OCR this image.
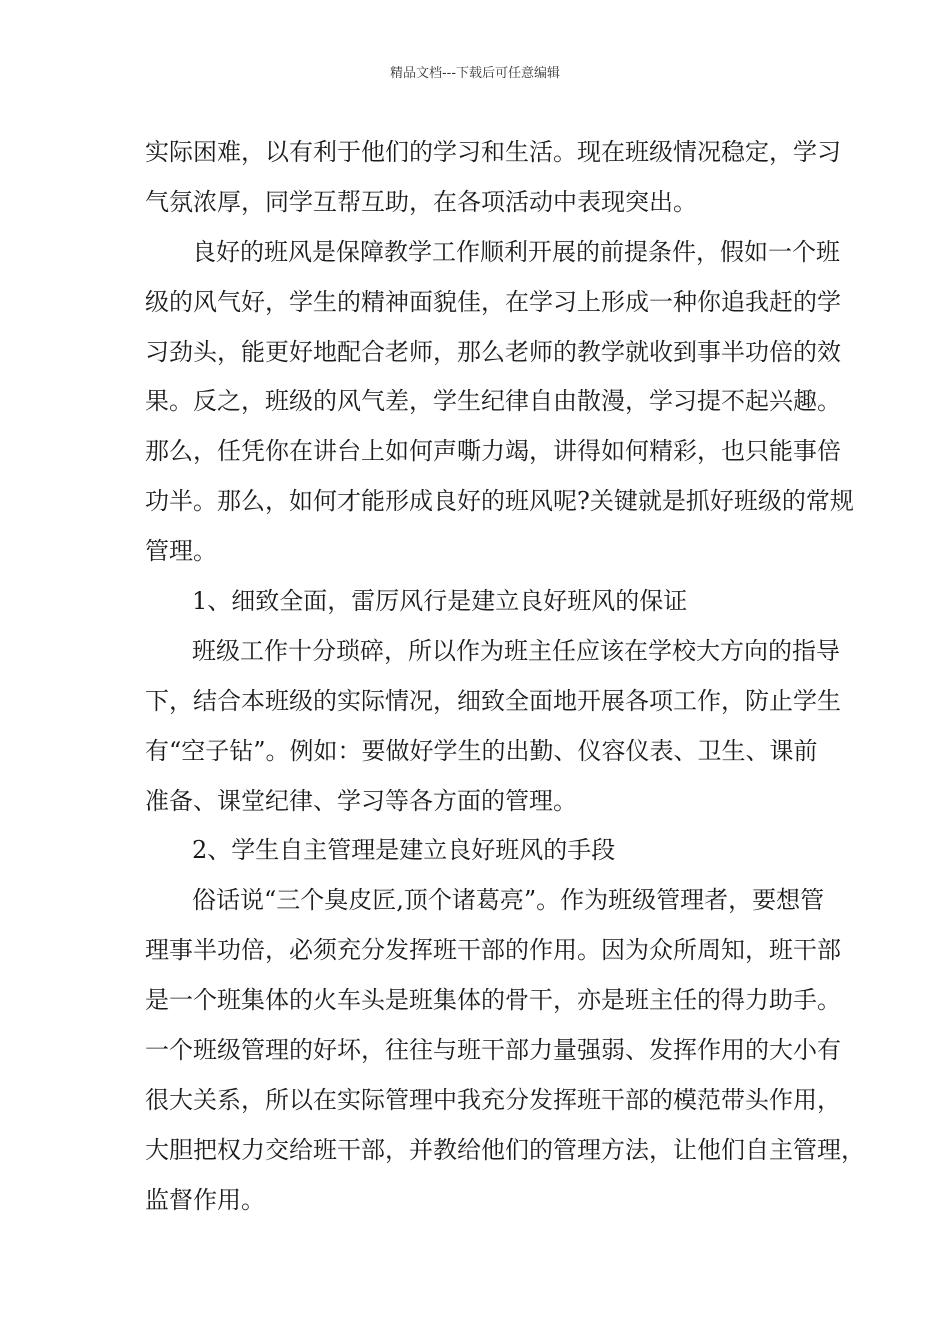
精品文档---下载后可任意编辑
实际困难，以有利于他们的学习和生活。现在班级情况稳定，学习
气氛浓厚，同学互帮互助，在各项活动中表现突出。
良好的班风是保障教学工作顺利开展的前提条件，假如一个班
级的风气好，学生的精神面貌佳，在学习上形成一种你追我赶的学
习劲头，能更好地配合老师，那么老师的教学就收到事半功倍的效
果。反之，班级的风气差，学生纪律自由散漫，学习提不起兴趣。
那么，任凭你在讲台上如何声嘶力竭，讲得如何精彩，也只能事倍
功半。那么，如何才能形成良好的班风呢?关键就是抓好班级的常规
管理。
1、细致全面，雷厉风行是建立良好班风的保证
班级工作十分琐碎，所以作为班主任应该在学校大方向的指导
下，结合本班级的实际情况，细致全面地开展各项工作，防止学生
有“空子钻”。例如：要做好学生的出勤、仪容仪表、卫生、课前
准备、课堂纪律、学习等各方面的管理。
2、学生自主管理是建立良好班风的手段
俗话说“三个臭皮匠,顶个诸葛亮”。作为班级管理者，要想管
理事半功倍，必须充分发挥班干部的作用。因为众所周知，班干部
是一个班集体的火车头是班集体的骨干，亦是班主任的得力助手。
一个班级管理的好坏，往往与班干部力量强弱、发挥作用的大小有
很大关系，所以在实际管理中我充分发挥班干部的模范带头作用，
大胆把权力交给班干部，并教给他们的管理方法，让他们自主管理，
监督作用。
